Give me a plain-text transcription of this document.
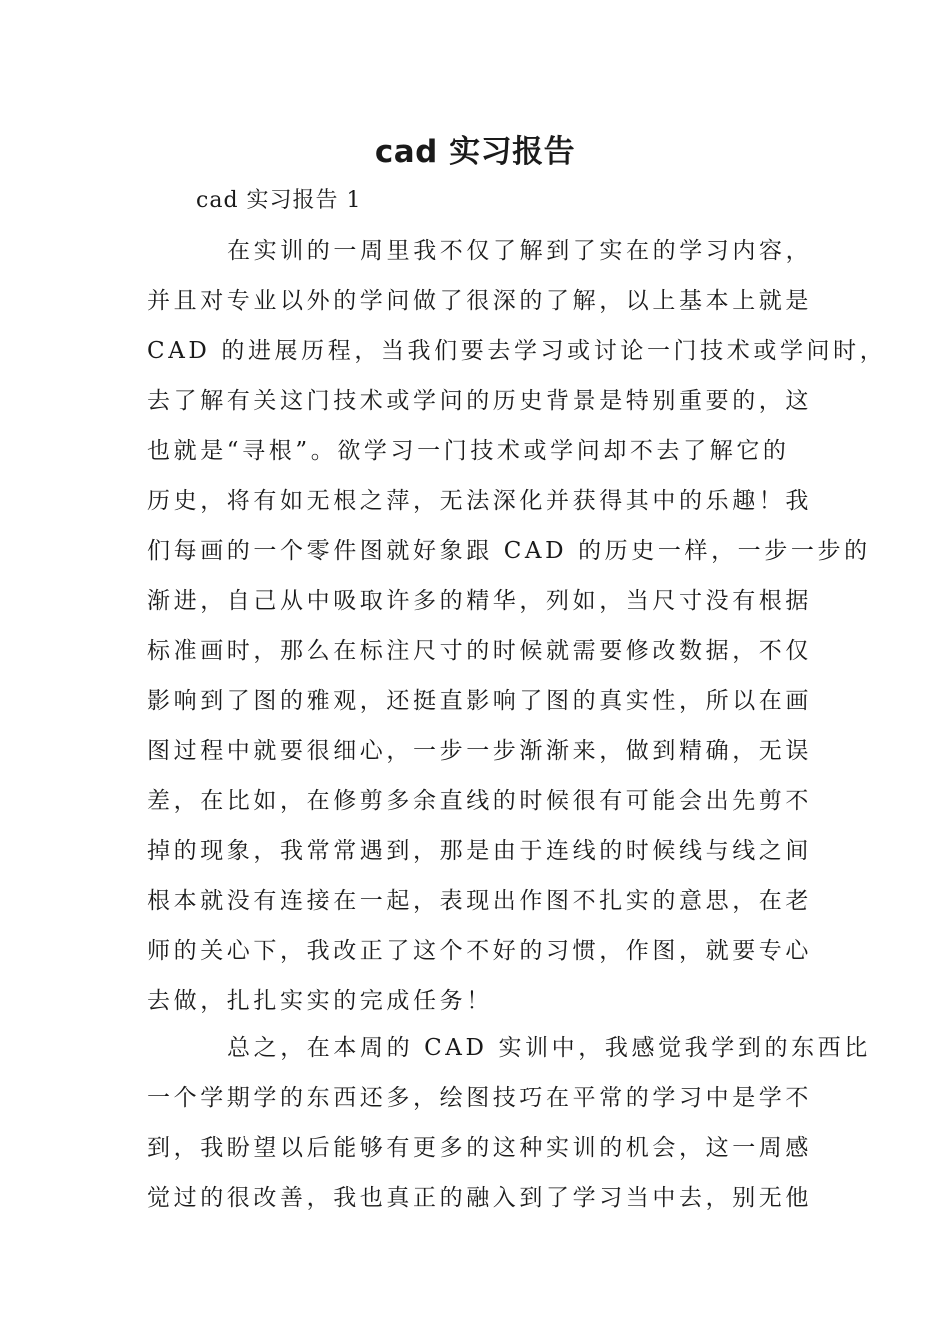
cad 实习报告
cad 实习报告 1
在实训的一周里我不仅了解到了实在的学习内容，
并且对专业以外的学问做了很深的了解，以上基本上就是
CAD 的进展历程，当我们要去学习或讨论一门技术或学问时，
去了解有关这门技术或学问的历史背景是特别重要的，这
也就是“寻根”。欲学习一门技术或学问却不去了解它的
历史，将有如无根之萍，无法深化并获得其中的乐趣！我
们每画的一个零件图就好象跟 CAD 的历史一样，一步一步的
渐进，自己从中吸取许多的精华，列如，当尺寸没有根据
标准画时，那么在标注尺寸的时候就需要修改数据，不仅
影响到了图的雅观，还挺直影响了图的真实性，所以在画
图过程中就要很细心，一步一步渐渐来，做到精确，无误
差，在比如，在修剪多余直线的时候很有可能会出先剪不
掉的现象，我常常遇到，那是由于连线的时候线与线之间
根本就没有连接在一起，表现出作图不扎实的意思，在老
师的关心下，我改正了这个不好的习惯，作图，就要专心
去做，扎扎实实的完成任务！
总之，在本周的 CAD 实训中，我感觉我学到的东西比
一个学期学的东西还多，绘图技巧在平常的学习中是学不
到，我盼望以后能够有更多的这种实训的机会，这一周感
觉过的很改善，我也真正的融入到了学习当中去，别无他
